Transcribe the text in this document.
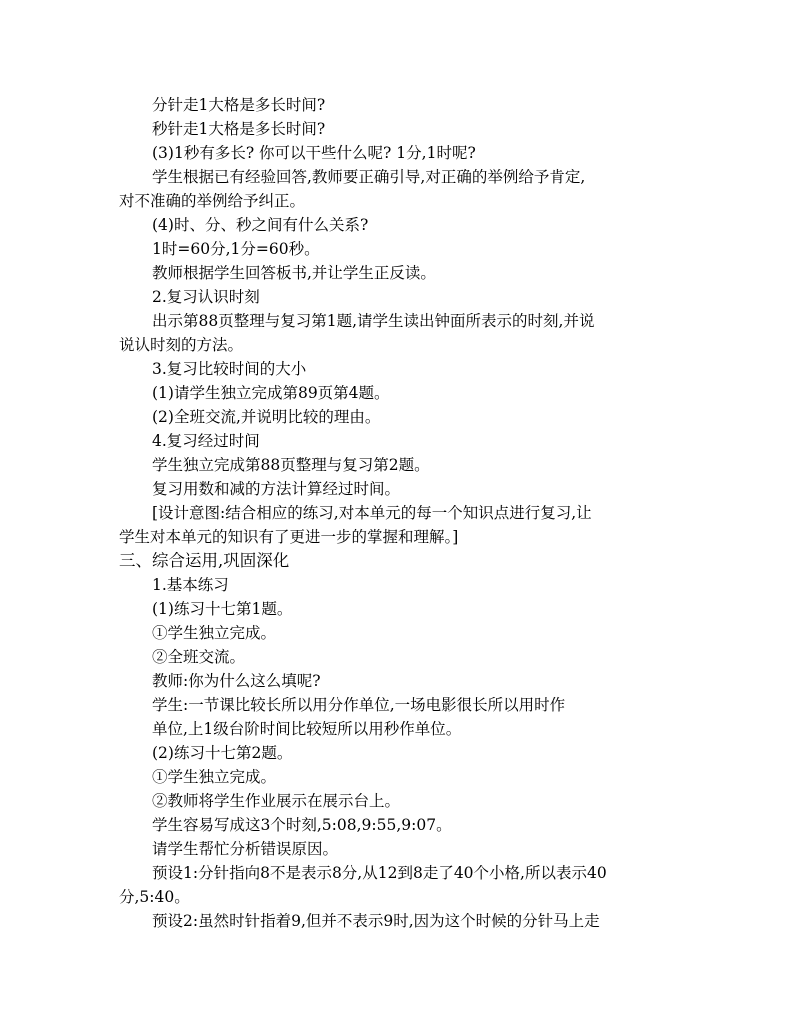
分针走1大格是多长时间?
秒针走1大格是多长时间?
(3)1秒有多长? 你可以干些什么呢? 1分,1时呢?
学生根据已有经验回答,教师要正确引导,对正确的举例给予肯定,
对不准确的举例给予纠正。
(4)时、分、秒之间有什么关系?
1时=60分,1分=60秒。
教师根据学生回答板书,并让学生正反读。
2.复习认识时刻
出示第88页整理与复习第1题,请学生读出钟面所表示的时刻,并说
说认时刻的方法。
3.复习比较时间的大小
(1)请学生独立完成第89页第4题。
(2)全班交流,并说明比较的理由。
4.复习经过时间
学生独立完成第88页整理与复习第2题。
复习用数和减的方法计算经过时间。
[设计意图:结合相应的练习,对本单元的每一个知识点进行复习,让
学生对本单元的知识有了更进一步的掌握和理解。]
三、综合运用,巩固深化
1.基本练习
(1)练习十七第1题。
①学生独立完成。
②全班交流。
教师:你为什么这么填呢?
学生:一节课比较长所以用分作单位,一场电影很长所以用时作
单位,上1级台阶时间比较短所以用秒作单位。
(2)练习十七第2题。
①学生独立完成。
②教师将学生作业展示在展示台上。
学生容易写成这3个时刻,5:08,9:55,9:07。
请学生帮忙分析错误原因。
预设1:分针指向8不是表示8分,从12到8走了40个小格,所以表示40
分,5:40。
预设2:虽然时针指着9,但并不表示9时,因为这个时候的分针马上走
